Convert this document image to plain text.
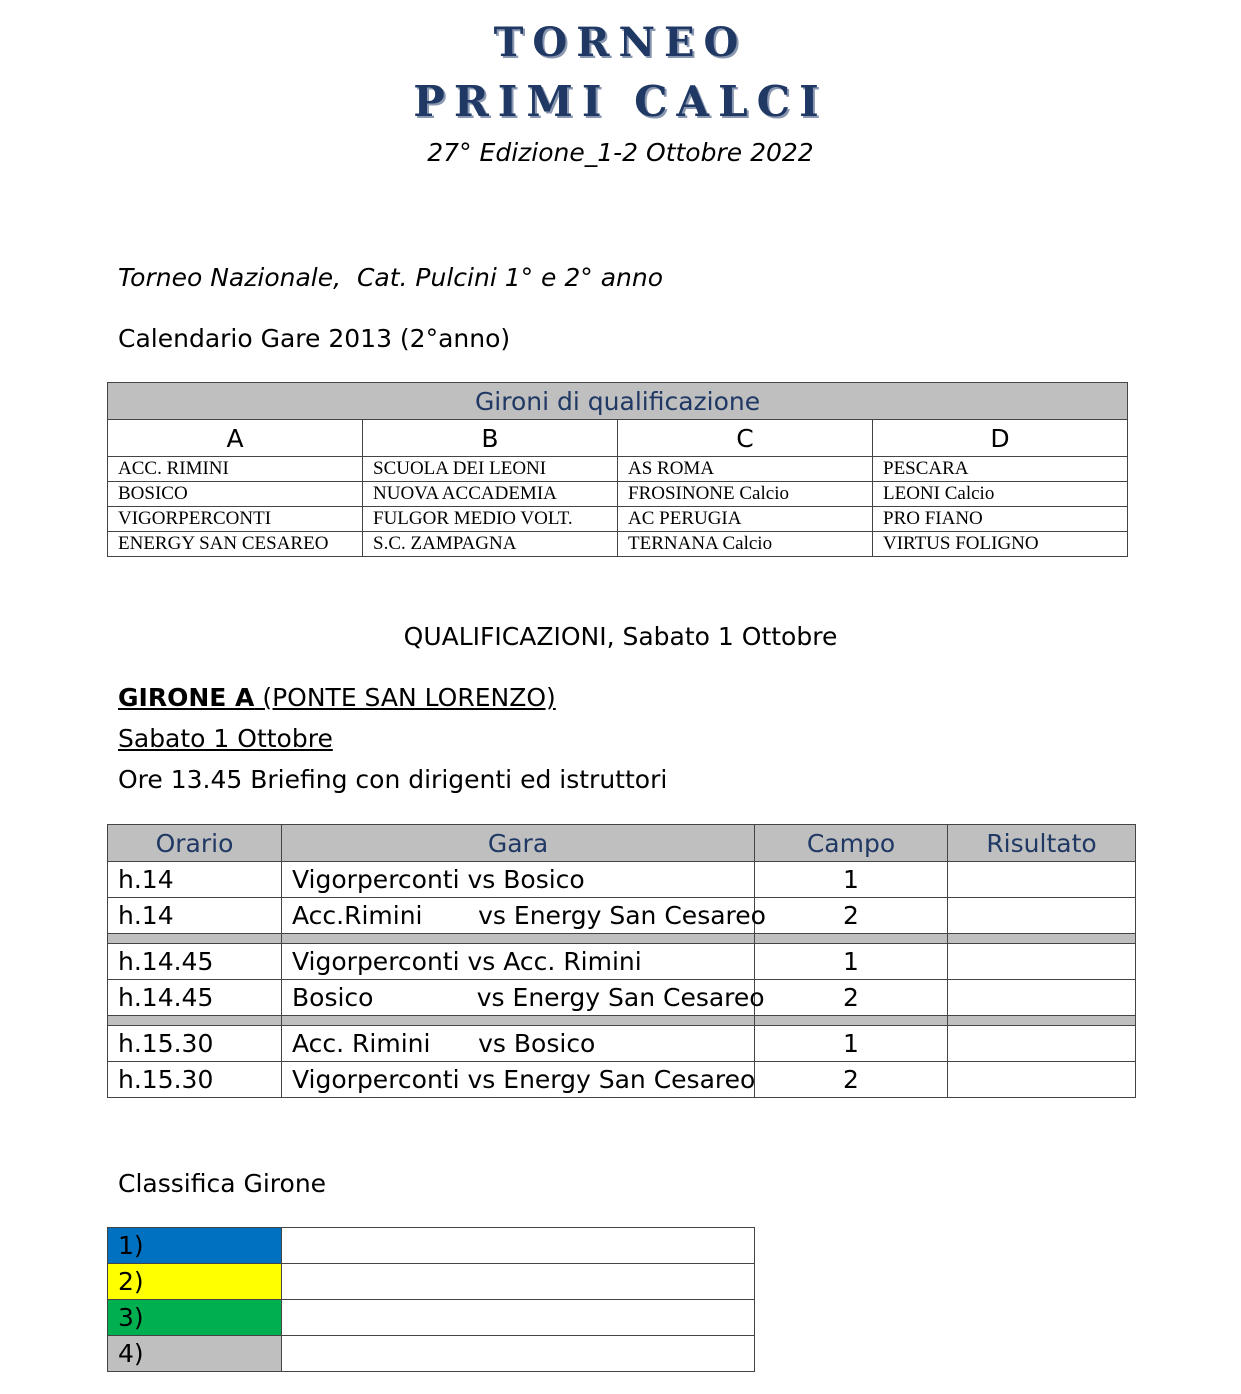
TORNEO
PRIMI CALCI
27° Edizione_1-2 Ottobre 2022
Torneo Nazionale,  Cat. Pulcini 1° e 2° anno
Calendario Gare 2013 (2°anno)
Gironi di qualificazione			
A	B	C	D
ACC. RIMINI	SCUOLA DEI LEONI	AS ROMA	PESCARA
BOSICO	NUOVA ACCADEMIA	FROSINONE Calcio	LEONI Calcio
VIGORPERCONTI	FULGOR MEDIO VOLT.	AC PERUGIA	PRO FIANO
ENERGY SAN CESAREO	S.C. ZAMPAGNA	TERNANA Calcio	VIRTUS FOLIGNO
QUALIFICAZIONI, Sabato 1 Ottobre
GIRONE A (PONTE SAN LORENZO)
Sabato 1 Ottobre
Ore 13.45 Briefing con dirigenti ed istruttori
Orario	Gara	Campo	Risultato
h.14	Vigorperconti vs Bosico	1	
h.14	Acc.Rimini       vs Energy San Cesareo	2	

h.14.45	Vigorperconti vs Acc. Rimini	1	
h.14.45	Bosico             vs Energy San Cesareo	2	

h.15.30	Acc. Rimini      vs Bosico	1	
h.15.30	Vigorperconti vs Energy San Cesareo	2	
Classifica Girone
1)	
2)	
3)	
4)	
